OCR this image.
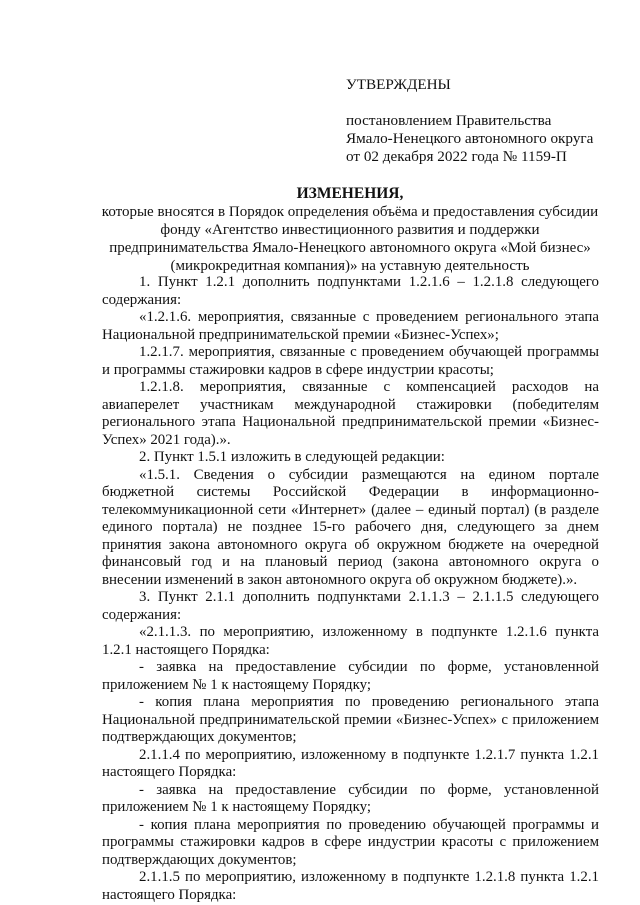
УТВЕРЖДЕНЫ
постановлением Правительства
Ямало-Ненецкого автономного округа
от 02 декабря 2022 года № 1159-П
ИЗМЕНЕНИЯ,
которые вносятся в Порядок определения объёма и предоставления субсидии фонду «Агентство инвестиционного развития и поддержки предпринимательства Ямало-Ненецкого автономного округа «Мой бизнес» (микрокредитная компания)» на уставную деятельность

1. Пункт 1.2.1 дополнить подпунктами 1.2.1.6 – 1.2.1.8 следующего содержания:

«1.2.1.6. мероприятия, связанные с проведением регионального этапа Национальной предпринимательской премии «Бизнес-Успех»;

1.2.1.7. мероприятия, связанные с проведением обучающей программы и программы стажировки кадров в сфере индустрии красоты;

1.2.1.8. мероприятия, связанные с компенсацией расходов на авиаперелет участникам международной стажировки (победителям регионального этапа Национальной предпринимательской премии «Бизнес-Успех» 2021 года).».

2. Пункт 1.5.1 изложить в следующей редакции:

«1.5.1. Сведения о субсидии размещаются на едином портале бюджетной системы Российской Федерации в информационно-телекоммуникационной сети «Интернет» (далее – единый портал) (в разделе единого портала) не позднее 15-го рабочего дня, следующего за днем принятия закона автономного округа об окружном бюджете на очередной финансовый год и на плановый период (закона автономного округа о внесении изменений в закон автономного округа об окружном бюджете).».

3. Пункт 2.1.1 дополнить подпунктами 2.1.1.3 – 2.1.1.5 следующего содержания:

«2.1.1.3. по мероприятию, изложенному в подпункте 1.2.1.6 пункта 1.2.1 настоящего Порядка:

- заявка на предоставление субсидии по форме, установленной приложением № 1 к настоящему Порядку;

- копия плана мероприятия по проведению регионального этапа Национальной предпринимательской премии «Бизнес-Успех» с приложением подтверждающих документов;

2.1.1.4 по мероприятию, изложенному в подпункте 1.2.1.7 пункта 1.2.1 настоящего Порядка:

- заявка на предоставление субсидии по форме, установленной приложением № 1 к настоящему Порядку;

- копия плана мероприятия по проведению обучающей программы и программы стажировки кадров в сфере индустрии красоты с приложением подтверждающих документов;

2.1.1.5 по мероприятию, изложенному в подпункте 1.2.1.8 пункта 1.2.1 настоящего Порядка:
